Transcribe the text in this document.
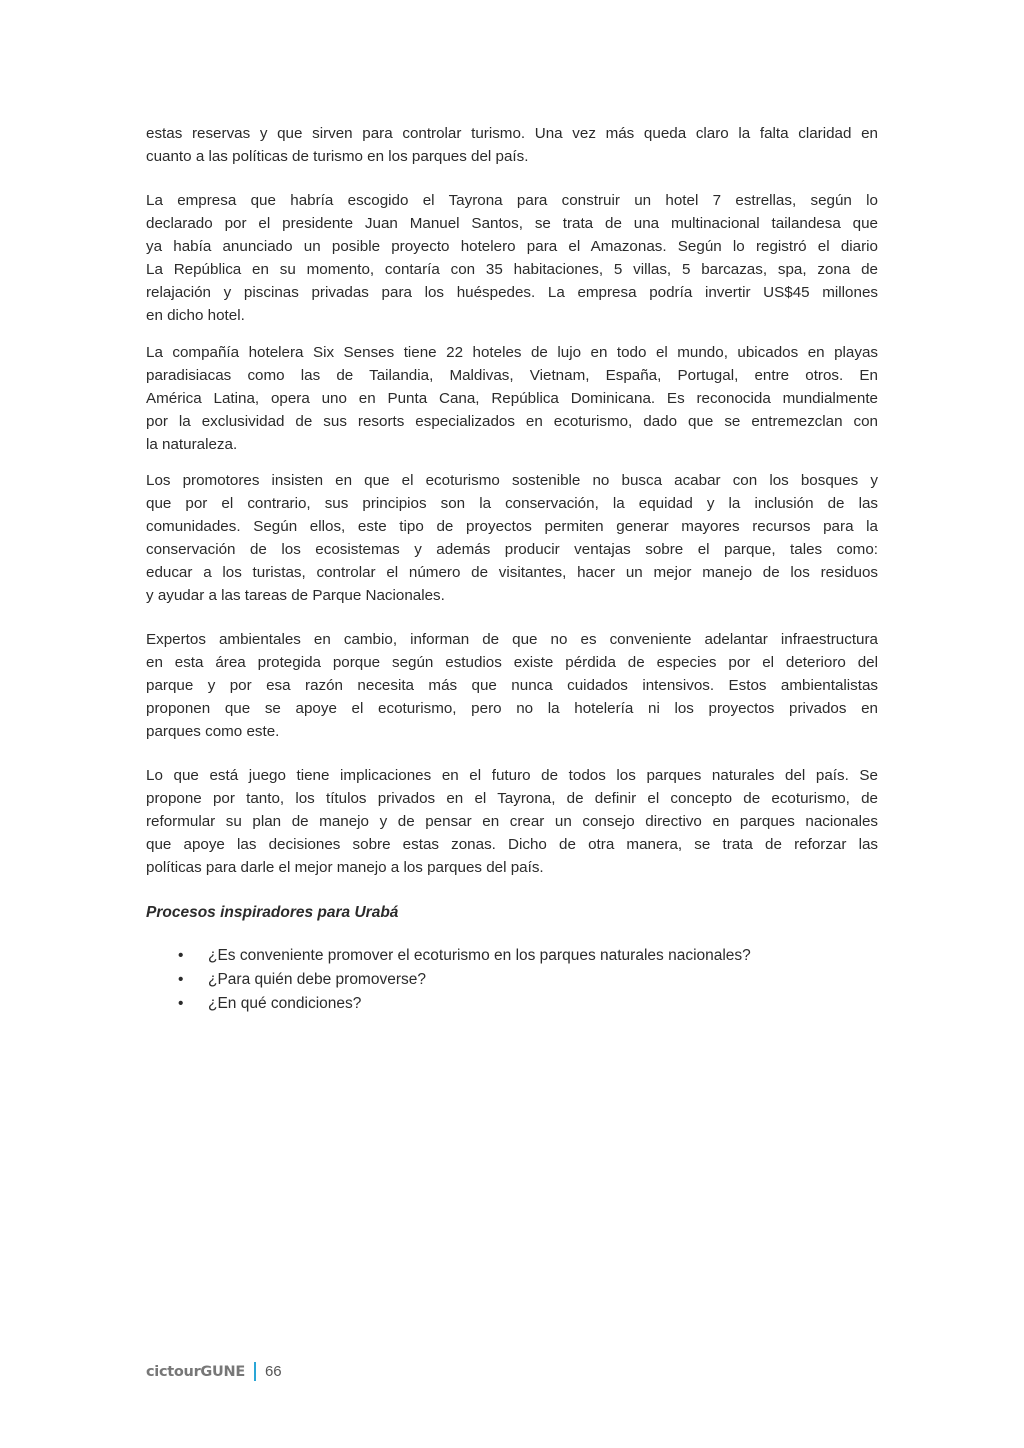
estas reservas y que sirven para controlar turismo. Una vez más queda claro la falta claridad en
cuanto a las políticas de turismo en los parques del país.
La empresa que habría escogido el Tayrona para construir un hotel 7 estrellas, según lo
declarado por el presidente Juan Manuel Santos, se trata de una multinacional tailandesa que
ya había anunciado un posible proyecto hotelero para el Amazonas. Según lo registró el diario
La República en su momento, contaría con 35 habitaciones, 5 villas, 5 barcazas, spa, zona de
relajación y piscinas privadas para los huéspedes. La empresa podría invertir US$45 millones
en dicho hotel.
La compañía hotelera Six Senses tiene 22 hoteles de lujo en todo el mundo, ubicados en playas
paradisiacas como las de Tailandia, Maldivas, Vietnam, España, Portugal, entre otros. En
América Latina, opera uno en Punta Cana, República Dominicana. Es reconocida mundialmente
por la exclusividad de sus resorts especializados en ecoturismo, dado que se entremezclan con
la naturaleza.
Los promotores insisten en que el ecoturismo sostenible no busca acabar con los bosques y
que por el contrario, sus principios son la conservación, la equidad y la inclusión de las
comunidades. Según ellos, este tipo de proyectos permiten generar mayores recursos para la
conservación de los ecosistemas y además producir ventajas sobre el parque, tales como:
educar a los turistas, controlar el número de visitantes, hacer un mejor manejo de los residuos
y ayudar a las tareas de Parque Nacionales.
Expertos ambientales en cambio, informan de que no es conveniente adelantar infraestructura
en esta área protegida porque según estudios existe pérdida de especies por el deterioro del
parque y por esa razón necesita más que nunca cuidados intensivos. Estos ambientalistas
proponen que se apoye el ecoturismo, pero no la hotelería ni los proyectos privados en
parques como este.
Lo que está juego tiene implicaciones en el futuro de todos los parques naturales del país. Se
propone por tanto, los títulos privados en el Tayrona, de definir el concepto de ecoturismo, de
reformular su plan de manejo y de pensar en crear un consejo directivo en parques nacionales
que apoye las decisiones sobre estas zonas. Dicho de otra manera, se trata de reforzar las
políticas para darle el mejor manejo a los parques del país.
Procesos inspiradores para Urabá
• ¿Es conveniente promover el ecoturismo en los parques naturales nacionales?
• ¿Para quién debe promoverse?
• ¿En qué condiciones?
cictourGUNE 66
